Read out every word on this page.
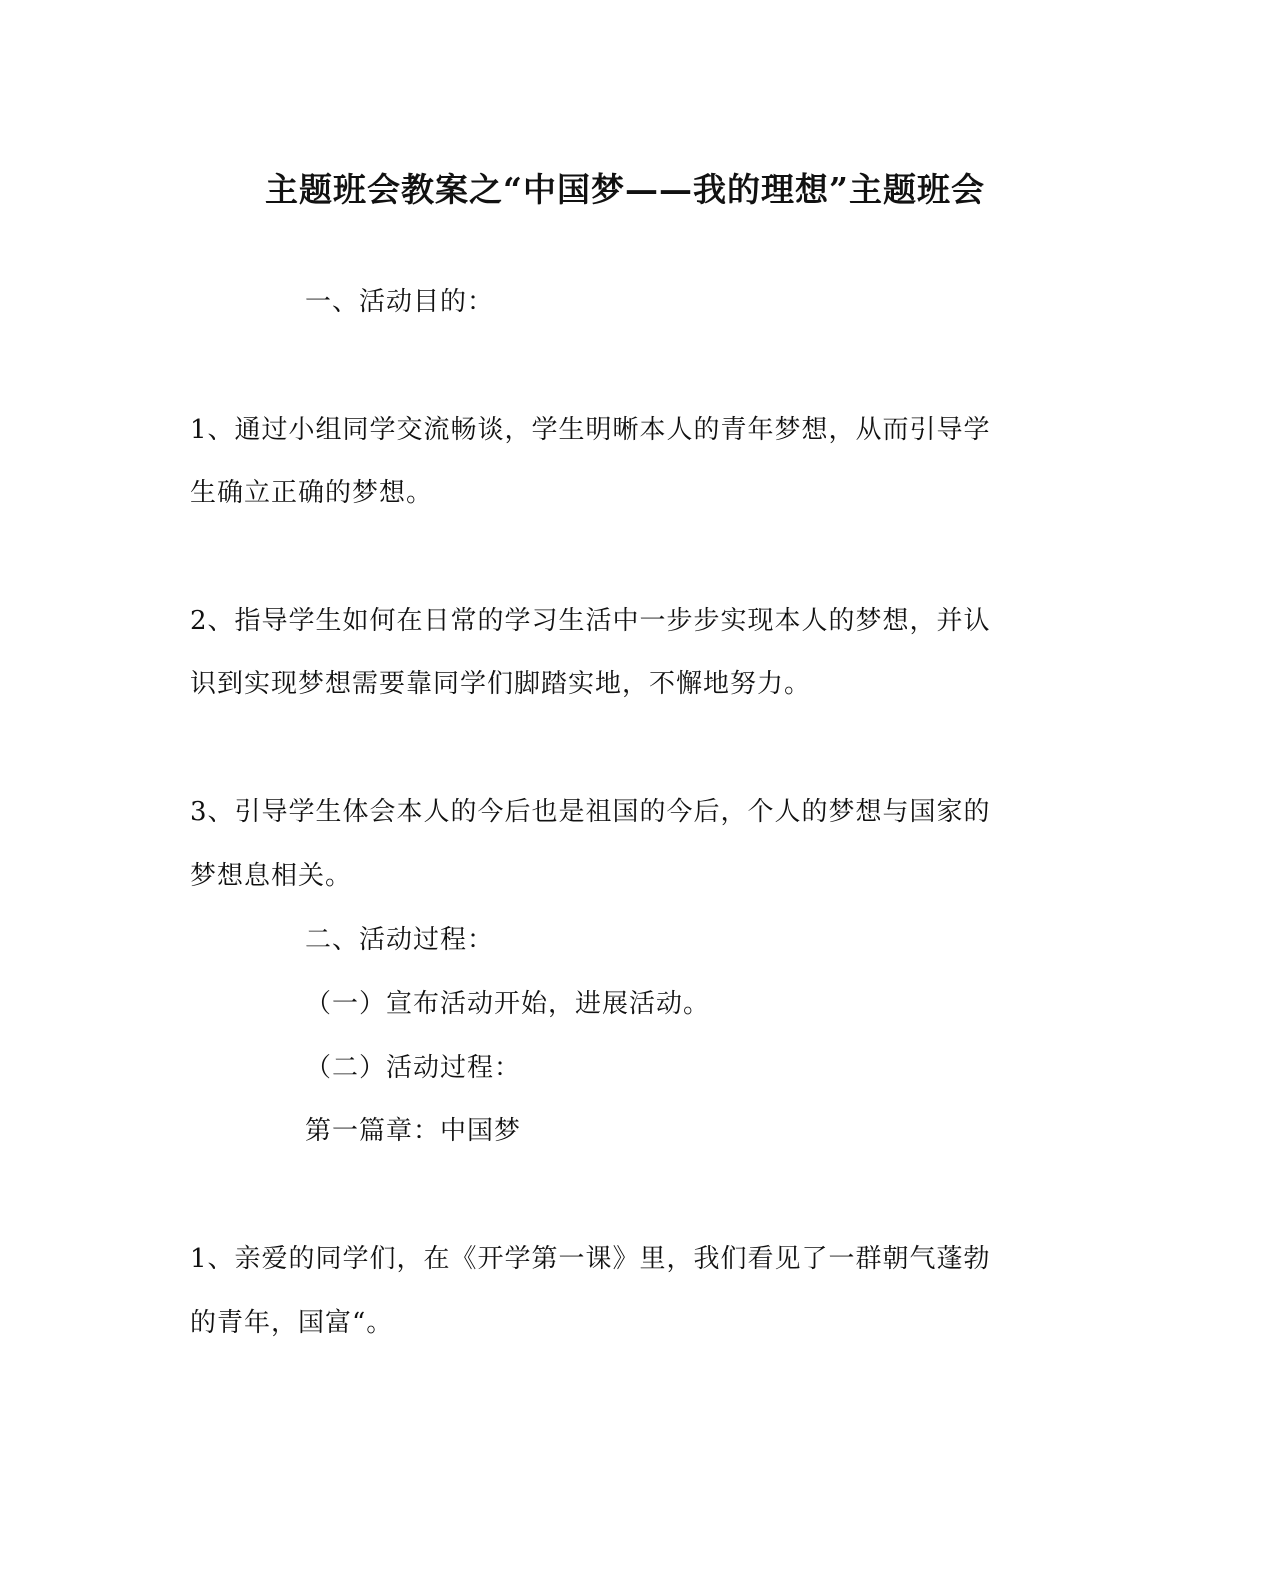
主题班会教案之“中国梦——我的理想”主题班会
一、活动目的：
1、通过小组同学交流畅谈，学生明晰本人的青年梦想，从而引导学
生确立正确的梦想。
2、指导学生如何在日常的学习生活中一步步实现本人的梦想，并认
识到实现梦想需要靠同学们脚踏实地，不懈地努力。
3、引导学生体会本人的今后也是祖国的今后，个人的梦想与国家的
梦想息相关。
二、活动过程：
（一）宣布活动开始，进展活动。
（二）活动过程：
第一篇章：中国梦
1、亲爱的同学们，在《开学第一课》里，我们看见了一群朝气蓬勃
的青年，国富“。
